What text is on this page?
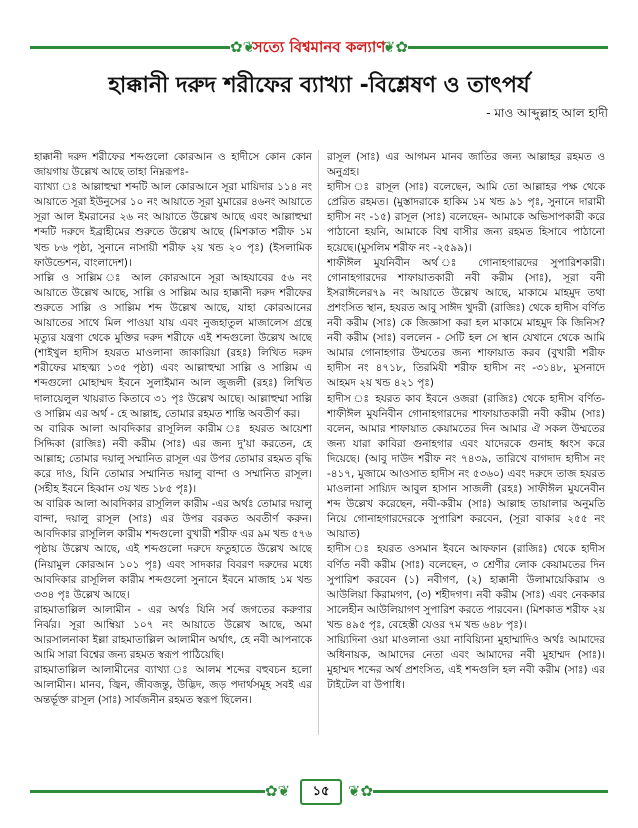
✿❦
সত্যে বিশ্বমানব কল্যাণ
❦✿
হাক্কানী দরুদ শরীফের ব্যাখ্যা -বিশ্লেষণ ও তাৎপর্য
- মাও আব্দুল্লাহ আল হাদী

হাক্কানী দরুদ শরীফের শব্দগুলো কোরআন ও হাদীসে কোন কোন জায়গায় উল্লেখ আছে তাহা নিম্নরূপঃ-

ব্যাখ্যা ঃ আল্লাহুম্মা শব্দটি আল কোরআনে সূরা মায়িদার ১১৪ নং আয়াতে সূরা ইউনুসের ১০ নং আয়াতে সূরা যুমারের ৪৬নং আয়াতে সূরা আল ইমরানের ২৬ নং আয়াতে উল্লেখ আছে এবং আল্লাহুম্মা শব্দটি দরুদে ইব্রাহীমের শুরুতে উল্লেখ আছে (মিশকাত শরীফ ১ম খন্ড ৮৬ পৃষ্ঠা, সুনানে নাসায়ী শরীফ ২য় খন্ড ২০ পৃঃ) (ইসলামিক ফাউন্ডেশন, বাংলাদেশ)।

সাল্লি ও সাল্লিম ঃ আল কোরআনে সূরা আহযাবের ৫৬ নং আয়াতে উল্লেখ আছে, সাল্লি ও সাল্লিম আর হাক্কানী দরুদ শরীফের শুরুতে সাল্লি ও সাল্লিম শব্দ উল্লেখ আছে, যাহা কোরআনের আয়াতের সাথে মিল পাওয়া যায় এবং নুজহাতুল মাজালেস গ্রন্থে মৃত্যুর যন্ত্রণা থেকে মুক্তির দরুদ শরীফে এই শব্দগুলো উল্লেখ আছে (শাইখুল হাদীস হযরত মাওলানা জাকারিয়া (রহঃ) লিখিত দরুদ শরীফের মাহত্ম্য ১৩৫ পৃষ্ঠা) এবং আল্লাহুম্মা সাল্লি ও সাল্লিম এ শব্দগুলো মোহাম্মদ ইবনে সুলাইমান আল জুজলী (রহঃ) লিখিত দালায়েলুল খায়রাত কিতাবে ৩১ পৃঃ উল্লেখ আছে। আল্লাহুম্মা সাল্লি ও সাল্লিম এর অর্থ - হে আল্লাহ, তোমার রহমত শান্তি অবতীর্ণ কর।

অ বারিক আলা আবদিকার রাসূলিল কারীম ঃ হযরত আয়েশা সিদ্দিকা (রাজিঃ) নবী করীম (সাঃ) এর জন্য দু'য়া করতেন, হে আল্লাহ; তোমার দয়ালু সম্মানিত রাসূল এর উপর তোমার রহমত বৃদ্ধি করে দাও, যিনি তোমার সম্মানিত দয়ালু বান্দা ও সম্মানিত রাসূল। (সহীহ ইবনে হিব্বান ৩য় খন্ড ১৮৫ পৃঃ)।

অ বারিক আলা আবদিকার রাসূলিল কারীম -এর অর্থঃ তোমার দয়ালু বান্দা, দয়ালু রাসূল (সাঃ) এর উপর বরকত অবতীর্ণ করুন। আবদিকার রাসূলিল কারীম শব্দগুলো বুখারী শরীফ এর ৯ম খন্ড ৫৭৬ পৃষ্ঠায় উল্লেখ আছে, এই শব্দগুলো দরুদে ফতুহাতে উল্লেখ আছে (নিয়ামুল কোরআন ১০১ পৃঃ) এবং সাদকার বিবরণ দরুদের মধ্যে আবদিকার রাসূলিল কারীম শব্দগুলো সুনানে ইবনে মাজাহ ১ম খন্ড ৩৩৪ পৃঃ উল্লেখ আছে।

রাহমাতাল্লিল আলামীন - এর অর্থঃ যিনি সর্ব জগতের করুণার নির্ঝর। সূরা আম্বিয়া ১০৭ নং আয়াতে উল্লেখ আছে, অমা আরসালনাকা ইল্লা রাহমাতাল্লিল আলামীন অর্থাৎ, হে নবী আপনাকে আমি সারা বিশ্বের জন্য রহমত স্বরূপ পাঠিয়েছি।

রাহমাতাল্লিল আলামীনের ব্যাখ্যা ঃ আলম শব্দের বহুবচন হলো আলামীন। মানব, জ্বিন, জীবজন্তু, উদ্ভিদ, জড় পদার্থসমূহ সবই এর অন্তর্ভূক্ত রাসূল (সাঃ) সার্বজনীন রহমত স্বরূপ ছিলেন।

রাসূল (সাঃ) এর আগমন মানব জাতির জন্য আল্লাহর রহমত ও অনুগ্রহ।

হাদীস ঃ রাসূল (সাঃ) বলেছেন, আমি তো আল্লাহর পক্ষ থেকে প্রেরিত রহমত। (মুস্তাদরাকে হাকিম ১ম খন্ড ৯১ পৃঃ, সুনানে দারামী হাদীস নং -১৫) রাসূল (সাঃ) বলেছেন- আমাকে অভিসাপকারী করে পাঠানো হয়নি, আমাকে বিশ্ব বাসীর জন্য রহমত হিসাবে পাঠানো হয়েছে।(মুসলিম শরীফ নং -২৫৯৯)।

শাফীঈল মুযনিবীন অর্থ ঃ গোনাহগারদের সুপারিশকারী। গোনাহগারদের শাফায়াতকারী নবী করীম (সাঃ), সূরা বনী ইসরাঈলের৭৯ নং আয়াতে উল্লেখ আছে, মাকামে মাহমুদ তথা প্রশংসিত স্থান, হযরত আবু সাঈদ খুদরী (রাজিঃ) থেকে হাদীস বর্ণিত নবী করীম (সাঃ) কে জিজ্ঞাসা করা হল মাকামে মাহমুদ কি জিনিস? নবী করীম (সাঃ) বললেন - সেটি হল সে স্থান যেখানে থেকে আমি আমার গোনাহগার উম্মতের জন্য শাফায়াত করব (বুখারী শরীফ হাদীস নং ৪৭১৮, তিরমিযী শরীফ হাদীস নং -৩১৪৮, মুসনাদে আহমদ ২য় খন্ড ৪২১ পৃঃ)

হাদীস ঃ হযরত কাব ইবনে ওজরা (রাজিঃ) থেকে হাদীস বর্ণিত-শাফীঈল মুযনিবীন গোনাহগারদের শাফায়াতকারী নবী করীম (সাঃ) বলেন, আমার শাফায়াত কেয়ামতের দিন আমার ঐ সকল উম্মতের জন্য যারা কাবিরা গুনাহগার এবং যাদেরকে গুনাহ ধ্বংস করে দিয়েছে। (আবু দাউদ শরীফ নং ৭৪৩৯, তারিখে বাগদাদ হাদীস নং -৪১৭, মুজামে আওসাত হাদীস নং ৫৩৬০) এবং দরুদে তাজ হযরত মাওলানা সায়্যিদ আবুল হাসান সাজলী (রহঃ) সাফীঈল মুযনেবীন শব্দ উল্লেখ করেছেন, নবী-করীম (সাঃ) আল্লাহ তায়ালার অনুমতি নিয়ে গোনাহগারদেরকে সুপারিশ করবেন, (সূরা বাকার ২৫৫ নং আয়াত)

হাদীস ঃ হযরত ওসমান ইবনে আফফান (রাজিঃ) থেকে হাদীস বর্ণিত নবী করীম (সাঃ) বলেছেন, ৩ শ্রেণীর লোক কেয়ামতের দিন সুপারিশ করবেন (১) নবীগণ, (২) হাক্কানী উলামায়েকিরাম ও আউলিয়া কিরামগণ, (৩) শহীদগণ। নবী করীম (সাঃ) এবং নেককার সালেহীন আউলিয়াগণ সুপারিশ করতে পারবেন। (মিশকাত শরীফ ২য় খন্ড ৪৯৫ পৃঃ, বেহেস্তী যেওর ৭ম খন্ড ৬৪৮ পৃঃ)।

সায়্যিদিনা ওয়া মাওলানা ওয়া নাবিয়্যিনা মুহাম্মাদিও অর্থঃ আমাদের অধিনায়ক, আমাদের নেতা এবং আমাদের নবী মুহাম্মদ (সাঃ)। মুহাম্মদ শব্দের অর্থ প্রশংসিত, এই শব্দগুলি হল নবী করীম (সাঃ) এর টাইটেল বা উপাধি।

✿❦	১৫	❦✿
